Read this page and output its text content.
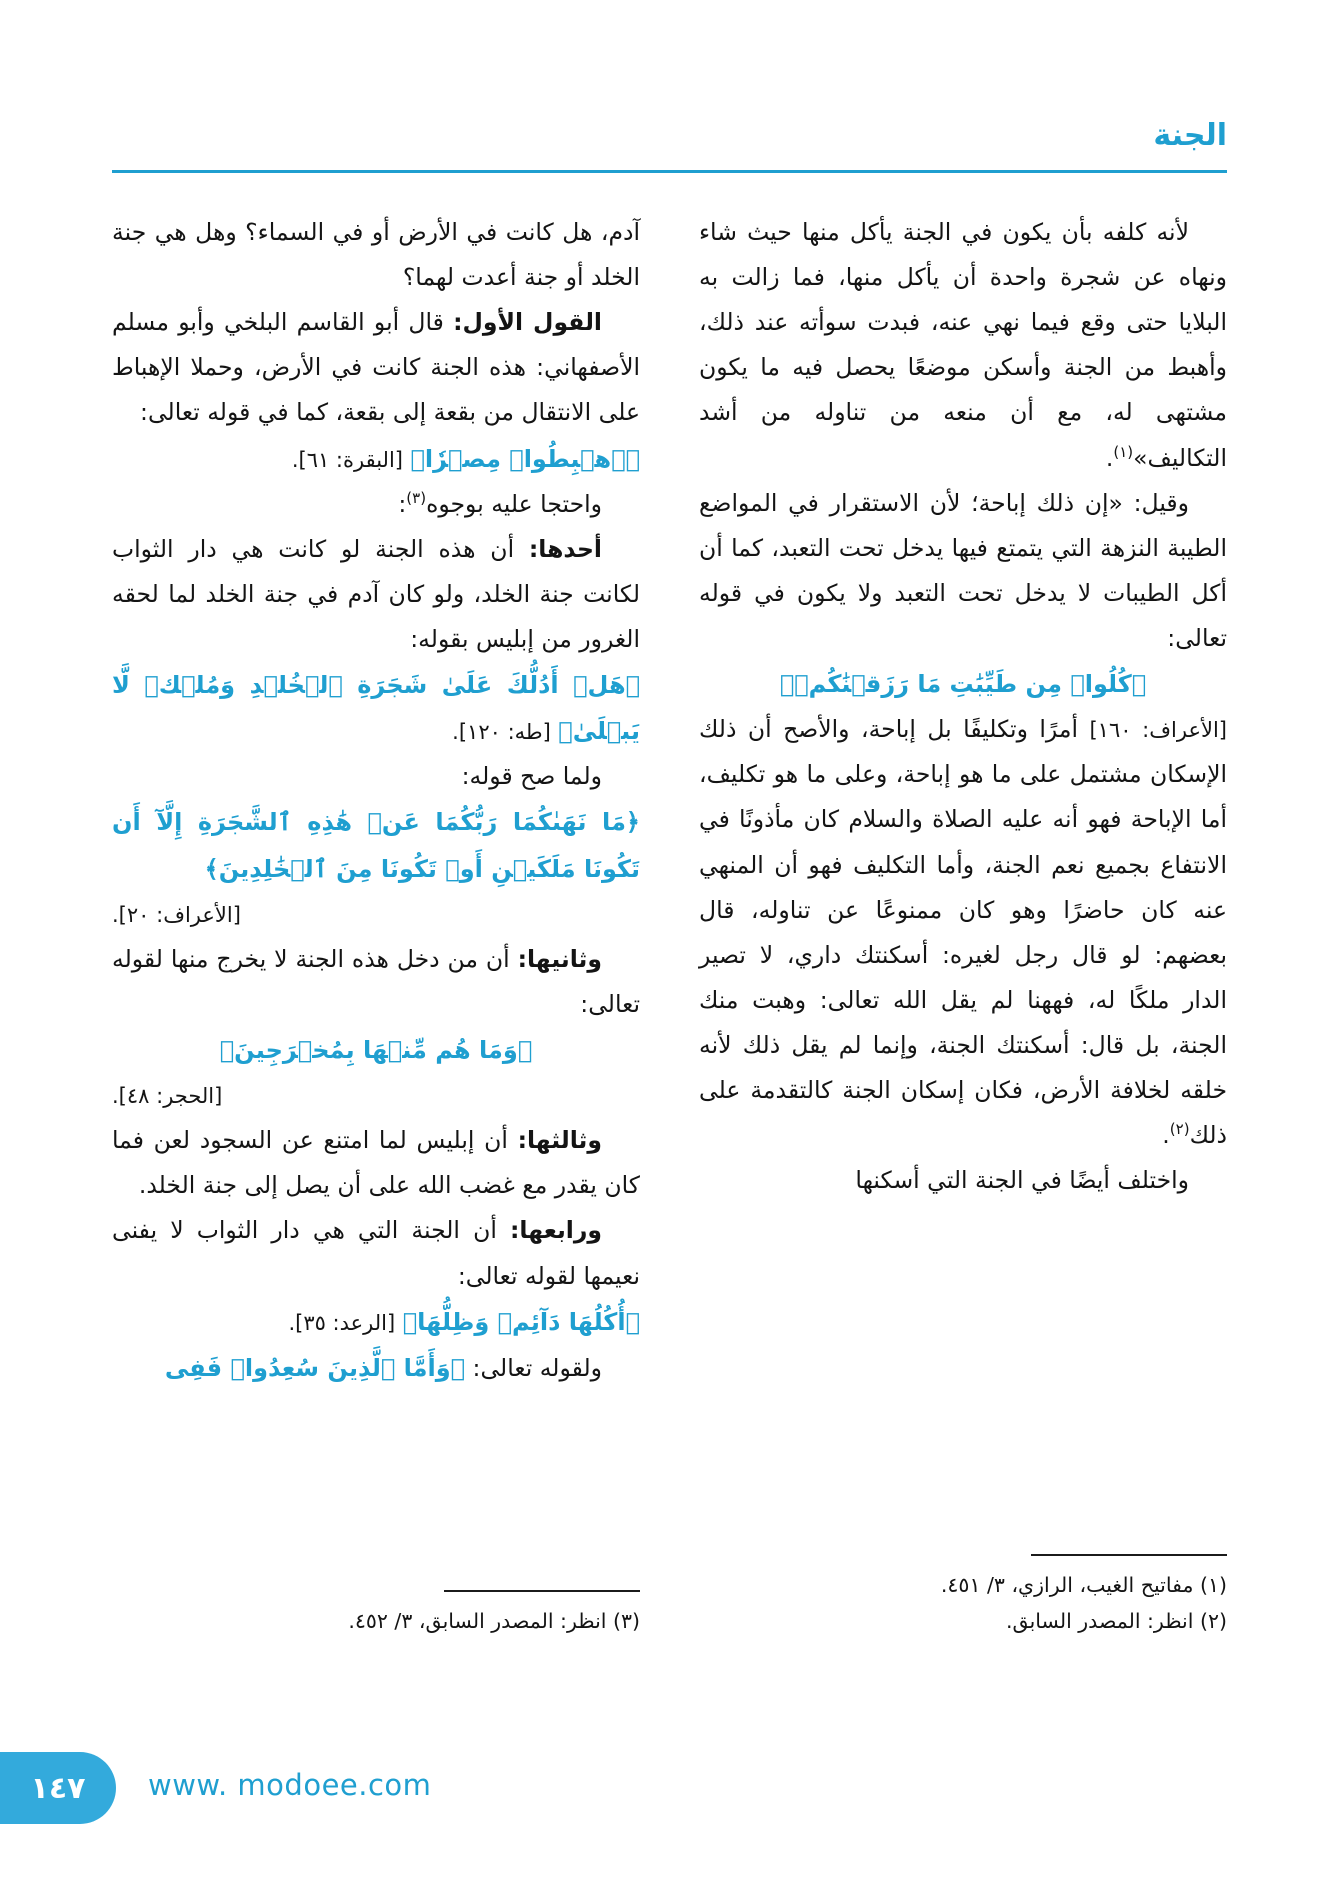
الجنة

لأنه كلفه بأن يكون في الجنة يأكل منها حيث شاء ونهاه عن شجرة واحدة أن يأكل منها، فما زالت به البلايا حتى وقع فيما نهي عنه، فبدت سوأته عند ذلك، وأهبط من الجنة وأسكن موضعًا يحصل فيه ما يكون مشتهى له، مع أن منعه من تناوله من أشد التكاليف»$^{(١)}$.

وقيل: «إن ذلك إباحة؛ لأن الاستقرار في المواضع الطيبة النزهة التي يتمتع فيها يدخل تحت التعبد، كما أن أكل الطيبات لا يدخل تحت التعبد ولا يكون في قوله تعالى:

﴿كُلُوا۟ مِن طَيِّبَٰتِ مَا رَزَقۡنَٰكُمۡ﴾

[الأعراف: ١٦٠] أمرًا وتكليفًا بل إباحة، والأصح أن ذلك الإسكان مشتمل على ما هو إباحة، وعلى ما هو تكليف، أما الإباحة فهو أنه عليه الصلاة والسلام كان مأذونًا في الانتفاع بجميع نعم الجنة، وأما التكليف فهو أن المنهي عنه كان حاضرًا وهو كان ممنوعًا عن تناوله، قال بعضهم: لو قال رجل لغيره: أسكنتك داري، لا تصير الدار ملكًا له، فههنا لم يقل الله تعالى: وهبت منك الجنة، بل قال: أسكنتك الجنة، وإنما لم يقل ذلك لأنه خلقه لخلافة الأرض، فكان إسكان الجنة كالتقدمة على ذلك$^{(٢)}$.

واختلف أيضًا في الجنة التي أسكنها

(١) مفاتيح الغيب، الرازي، ٣/ ٤٥١.
(٢) انظر: المصدر السابق.

آدم، هل كانت في الأرض أو في السماء؟ وهل هي جنة الخلد أو جنة أعدت لهما؟

القول الأول: قال أبو القاسم البلخي وأبو مسلم الأصفهاني: هذه الجنة كانت في الأرض، وحملا الإهباط على الانتقال من بقعة إلى بقعة، كما في قوله تعالى:

﴿ٱهۡبِطُوا۟ مِصۡرٗا﴾ [البقرة: ٦١].

واحتجا عليه بوجوه$^{(٣)}$:

أحدها: أن هذه الجنة لو كانت هي دار الثواب لكانت جنة الخلد، ولو كان آدم في جنة الخلد لما لحقه الغرور من إبليس بقوله:

﴿هَلۡ أَدُلُّكَ عَلَىٰ شَجَرَةِ ٱلۡخُلۡدِ وَمُلۡكٖ لَّا يَبۡلَىٰ﴾ [طه: ١٢٠].

ولما صح قوله:

﴿مَا نَهَىٰكُمَا رَبُّكُمَا عَنۡ هَٰذِهِ ٱلشَّجَرَةِ إِلَّآ أَن تَكُونَا مَلَكَيۡنِ أَوۡ تَكُونَا مِنَ ٱلۡخَٰلِدِينَ﴾

[الأعراف: ٢٠].

وثانيها: أن من دخل هذه الجنة لا يخرج منها لقوله تعالى:

﴿وَمَا هُم مِّنۡهَا بِمُخۡرَجِينَ﴾

[الحجر: ٤٨].

وثالثها: أن إبليس لما امتنع عن السجود لعن فما كان يقدر مع غضب الله على أن يصل إلى جنة الخلد.

ورابعها: أن الجنة التي هي دار الثواب لا يفنى نعيمها لقوله تعالى:

﴿أُكُلُهَا دَآئِمٞ وَظِلُّهَا﴾ [الرعد: ٣٥].

ولقوله تعالى: ﴿وَأَمَّا ٱلَّذِينَ سُعِدُوا۟ فَفِى

(٣) انظر: المصدر السابق، ٣/ ٤٥٢.
١٤٧ www. modoee.com
